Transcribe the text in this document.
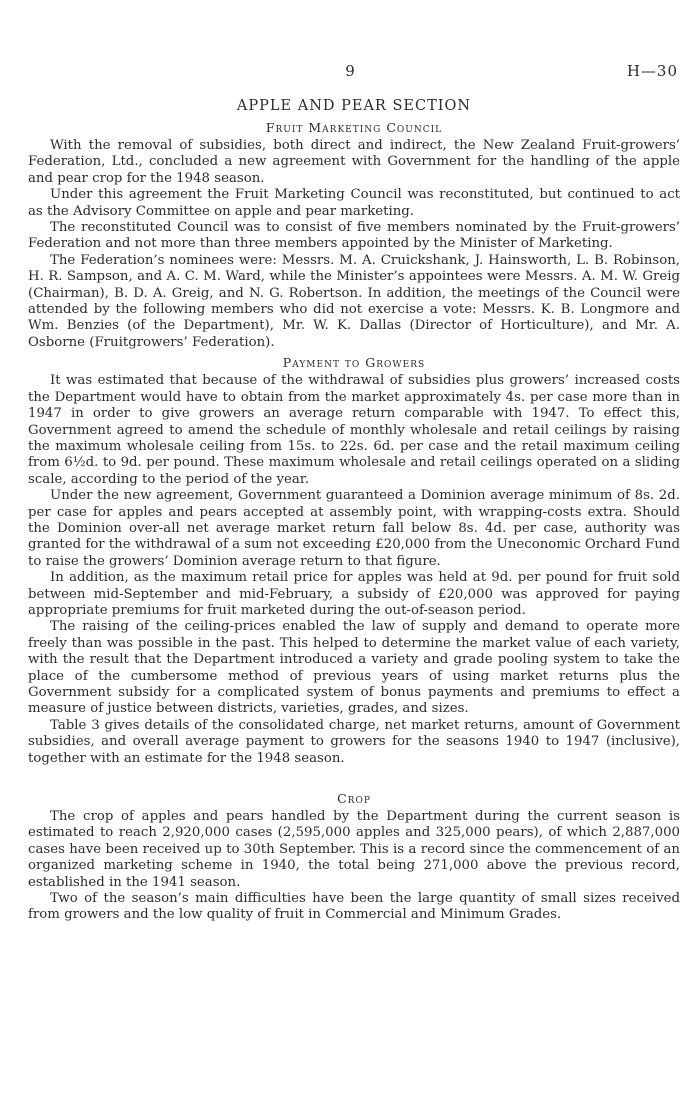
9	H—30
APPLE AND PEAR SECTION
Fruit Marketing Council

With the removal of subsidies, both direct and indirect, the New Zealand Fruit-growers’ Federation, Ltd., concluded a new agreement with Government for the handling of the apple and pear crop for the 1948 season.

Under this agreement the Fruit Marketing Council was reconstituted, but continued to act as the Advisory Committee on apple and pear marketing.

The reconstituted Council was to consist of five members nominated by the Fruit-growers’ Federation and not more than three members appointed by the Minister of Marketing.

The Federation’s nominees were: Messrs. M. A. Cruickshank, J. Hainsworth, L. B. Robinson, H. R. Sampson, and A. C. M. Ward, while the Minister’s appointees were Messrs. A. M. W. Greig (Chairman), B. D. A. Greig, and N. G. Robertson. In addition, the meetings of the Council were attended by the following members who did not exercise a vote: Messrs. K. B. Longmore and Wm. Benzies (of the Department), Mr. W. K. Dallas (Director of Horticulture), and Mr. A. Osborne (Fruitgrowers’ Federation).

Payment to Growers

It was estimated that because of the withdrawal of subsidies plus growers’ increased costs the Department would have to obtain from the market approximately 4s. per case more than in 1947 in order to give growers an average return comparable with 1947. To effect this, Government agreed to amend the schedule of monthly wholesale and retail ceilings by raising the maximum wholesale ceiling from 15s. to 22s. 6d. per case and the retail maximum ceiling from 6½d. to 9d. per pound. These maximum wholesale and retail ceilings operated on a sliding scale, according to the period of the year.

Under the new agreement, Government guaranteed a Dominion average minimum of 8s. 2d. per case for apples and pears accepted at assembly point, with wrapping-costs extra. Should the Dominion over-all net average market return fall below 8s. 4d. per case, authority was granted for the withdrawal of a sum not exceeding £20,000 from the Uneconomic Orchard Fund to raise the growers’ Dominion average return to that figure.

In addition, as the maximum retail price for apples was held at 9d. per pound for fruit sold between mid-September and mid-February, a subsidy of £20,000 was approved for paying appropriate premiums for fruit marketed during the out-of-season period.

The raising of the ceiling-prices enabled the law of supply and demand to operate more freely than was possible in the past. This helped to determine the market value of each variety, with the result that the Department introduced a variety and grade pooling system to take the place of the cumbersome method of previous years of using market returns plus the Government subsidy for a complicated system of bonus payments and premiums to effect a measure of justice between districts, varieties, grades, and sizes.

Table 3 gives details of the consolidated charge, net market returns, amount of Government subsidies, and overall average payment to growers for the seasons 1940 to 1947 (inclusive), together with an estimate for the 1948 season.

Crop

The crop of apples and pears handled by the Department during the current season is estimated to reach 2,920,000 cases (2,595,000 apples and 325,000 pears), of which 2,887,000 cases have been received up to 30th September. This is a record since the commencement of an organized marketing scheme in 1940, the total being 271,000 above the previous record, established in the 1941 season.

Two of the season’s main difficulties have been the large quantity of small sizes received from growers and the low quality of fruit in Commercial and Minimum Grades.
